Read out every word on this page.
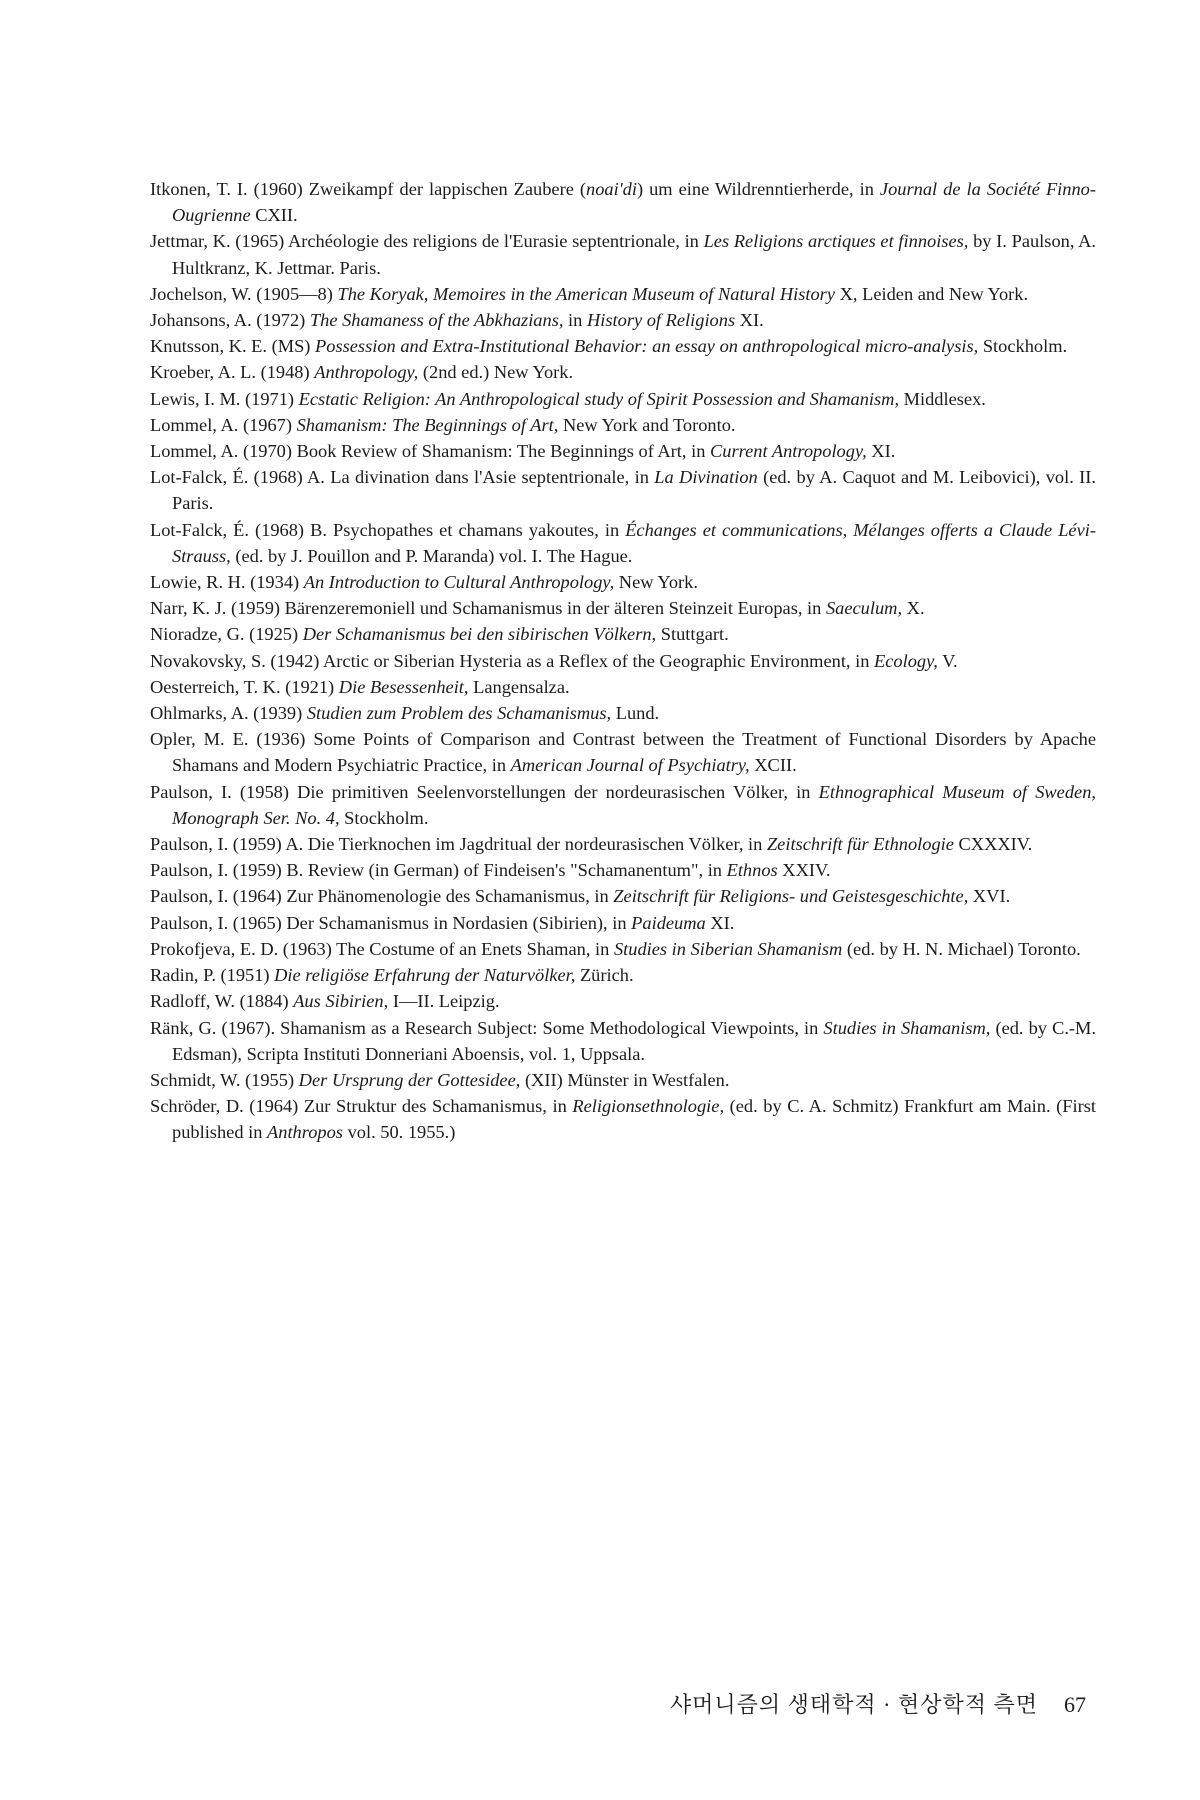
Itkonen, T. I. (1960) Zweikampf der lappischen Zaubere (noai'di) um eine Wildrenntierherde, in Journal de la Société Finno-Ougrienne CXII.

Jettmar, K. (1965) Archéologie des religions de l'Eurasie septentrionale, in Les Religions arctiques et finnoises, by I. Paulson, A. Hultkranz, K. Jettmar. Paris.

Jochelson, W. (1905—8) The Koryak, Memoires in the American Museum of Natural History X, Leiden and New York.

Johansons, A. (1972) The Shamaness of the Abkhazians, in History of Religions XI.

Knutsson, K. E. (MS) Possession and Extra-Institutional Behavior: an essay on anthropological micro-analysis, Stockholm.

Kroeber, A. L. (1948) Anthropology, (2nd ed.) New York.

Lewis, I. M. (1971) Ecstatic Religion: An Anthropological study of Spirit Possession and Shamanism, Middlesex.

Lommel, A. (1967) Shamanism: The Beginnings of Art, New York and Toronto.

Lommel, A. (1970) Book Review of Shamanism: The Beginnings of Art, in Current Antropology, XI.

Lot-Falck, É. (1968) A. La divination dans l'Asie septentrionale, in La Divination (ed. by A. Caquot and M. Leibovici), vol. II. Paris.

Lot-Falck, É. (1968) B. Psychopathes et chamans yakoutes, in Échanges et communications, Mélanges offerts a Claude Lévi-Strauss, (ed. by J. Pouillon and P. Maranda) vol. I. The Hague.

Lowie, R. H. (1934) An Introduction to Cultural Anthropology, New York.

Narr, K. J. (1959) Bärenzeremoniell und Schamanismus in der älteren Steinzeit Europas, in Saeculum, X.

Nioradze, G. (1925) Der Schamanismus bei den sibirischen Völkern, Stuttgart.

Novakovsky, S. (1942) Arctic or Siberian Hysteria as a Reflex of the Geographic Environment, in Ecology, V.

Oesterreich, T. K. (1921) Die Besessenheit, Langensalza.

Ohlmarks, A. (1939) Studien zum Problem des Schamanismus, Lund.

Opler, M. E. (1936) Some Points of Comparison and Contrast between the Treatment of Functional Disorders by Apache Shamans and Modern Psychiatric Practice, in American Journal of Psychiatry, XCII.

Paulson, I. (1958) Die primitiven Seelenvorstellungen der nordeurasischen Völker, in Ethnographical Museum of Sweden, Monograph Ser. No. 4, Stockholm.

Paulson, I. (1959) A. Die Tierknochen im Jagdritual der nordeurasischen Völker, in Zeitschrift für Ethnologie CXXXIV.

Paulson, I. (1959) B. Review (in German) of Findeisen's "Schamanentum", in Ethnos XXIV.

Paulson, I. (1964) Zur Phänomenologie des Schamanismus, in Zeitschrift für Religions- und Geistesgeschichte, XVI.

Paulson, I. (1965) Der Schamanismus in Nordasien (Sibirien), in Paideuma XI.

Prokofjeva, E. D. (1963) The Costume of an Enets Shaman, in Studies in Siberian Shamanism (ed. by H. N. Michael) Toronto.

Radin, P. (1951) Die religiöse Erfahrung der Naturvölker, Zürich.

Radloff, W. (1884) Aus Sibirien, I—II. Leipzig.

Ränk, G. (1967). Shamanism as a Research Subject: Some Methodological Viewpoints, in Studies in Shamanism, (ed. by C.-M. Edsman), Scripta Instituti Donneriani Aboensis, vol. 1, Uppsala.

Schmidt, W. (1955) Der Ursprung der Gottesidee, (XII) Münster in Westfalen.

Schröder, D. (1964) Zur Struktur des Schamanismus, in Religionsethnologie, (ed. by C. A. Schmitz) Frankfurt am Main. (First published in Anthropos vol. 50. 1955.)

샤머니즘의 생태학적 · 현상학적 측면 67
